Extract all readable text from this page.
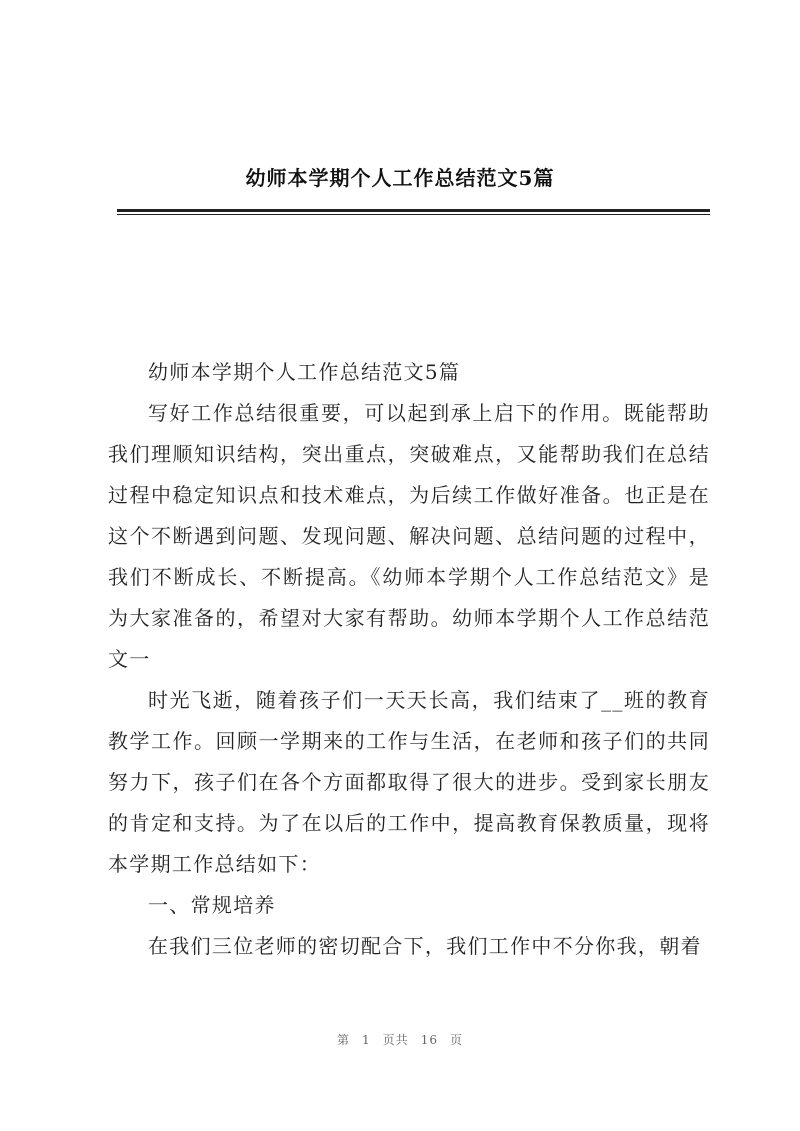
幼师本学期个人工作总结范文5篇

幼师本学期个人工作总结范文5篇

写好工作总结很重要，可以起到承上启下的作用。既能帮助我们理顺知识结构，突出重点，突破难点，又能帮助我们在总结过程中稳定知识点和技术难点，为后续工作做好准备。也正是在这个不断遇到问题、发现问题、解决问题、总结问题的过程中，我们不断成长、不断提高。《幼师本学期个人工作总结范文》是为大家准备的，希望对大家有帮助。幼师本学期个人工作总结范文一

时光飞逝，随着孩子们一天天长高，我们结束了__班的教育教学工作。回顾一学期来的工作与生活，在老师和孩子们的共同努力下，孩子们在各个方面都取得了很大的进步。受到家长朋友的肯定和支持。为了在以后的工作中，提高教育保教质量，现将本学期工作总结如下：

一、常规培养

在我们三位老师的密切配合下，我们工作中不分你我，朝着

第 1 页共 16 页
